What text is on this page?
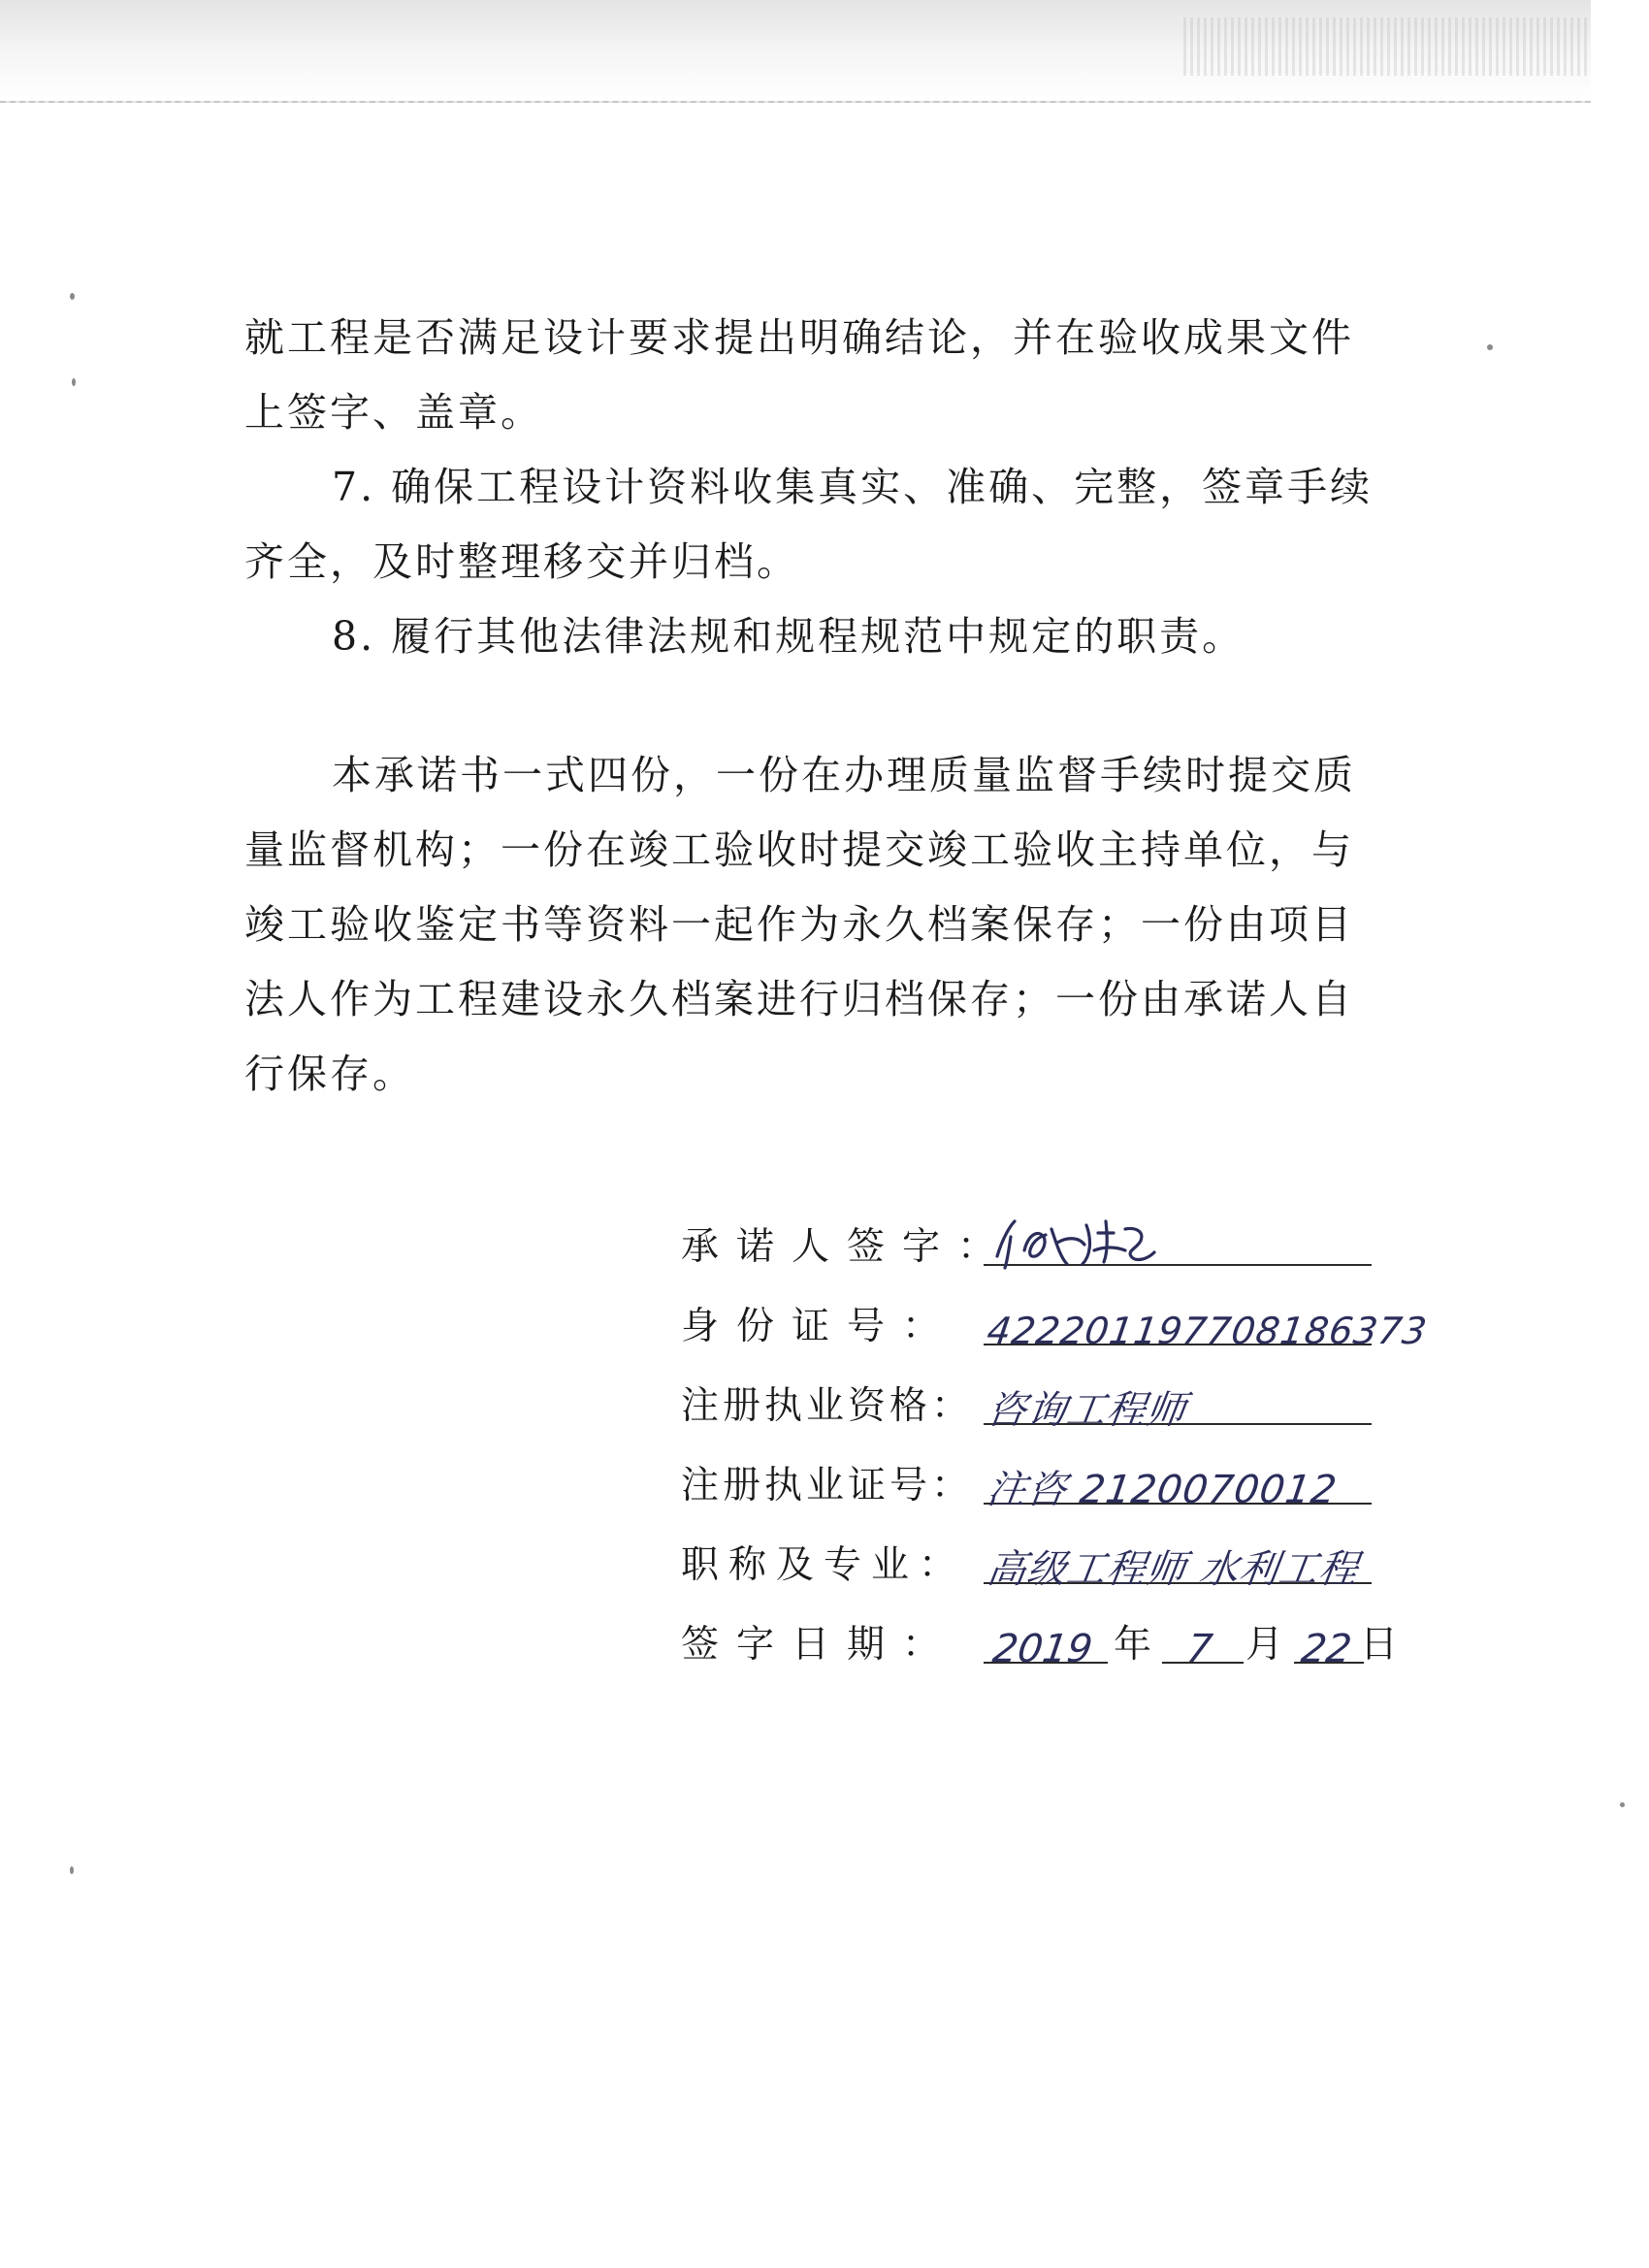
就工程是否满足设计要求提出明确结论，并在验收成果文件
上签字、盖章。
7. 确保工程设计资料收集真实、准确、完整，签章手续
齐全，及时整理移交并归档。
8. 履行其他法律法规和规程规范中规定的职责。
本承诺书一式四份，一份在办理质量监督手续时提交质
量监督机构；一份在竣工验收时提交竣工验收主持单位，与
竣工验收鉴定书等资料一起作为永久档案保存；一份由项目
法人作为工程建设永久档案进行归档保存；一份由承诺人自
行保存。
承诺人签字：
身份证号： 422201197708186373
注册执业资格： 咨询工程师
注册执业证号： 注咨 2120070012
职称及专业： 高级工程师 水利工程
签字日期： 2019 年 7 月 22 日
